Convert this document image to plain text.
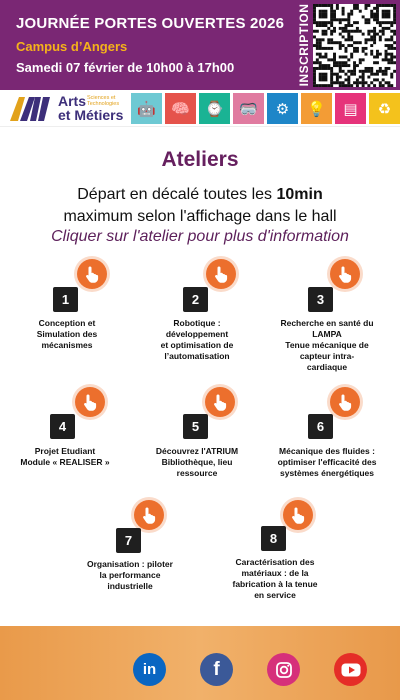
JOURNÉE PORTES OUVERTES 2026
Campus d’Angers
Samedi 07 février de 10h00 à 17h00	INSCRIPTION
Arts
et Métiers
Sciences et Technologies	🤖 🧠 ⌚ 🥽 ⚙ 💡 ▤ ♻
Ateliers
Départ en décalé toutes les 10min
maximum selon l'affichage dans le hall
Cliquer sur l'atelier pour plus d'information
1
Conception et
Simulation des
mécanismes
2
Robotique :
développement
et optimisation de
l’automatisation
3
Recherche en santé du
LAMPA
Tenue mécanique de
capteur intra-
cardiaque
4
Projet Etudiant
Module « REALISER »
5
Découvrez l'ATRIUM
Bibliothèque, lieu
ressource
6
Mécanique des fluides :
optimiser l'efficacité des
systèmes énergétiques
7
Organisation : piloter
la performance
industrielle
8
Caractérisation des
matériaux : de la
fabrication à la tenue
en service
in	f
